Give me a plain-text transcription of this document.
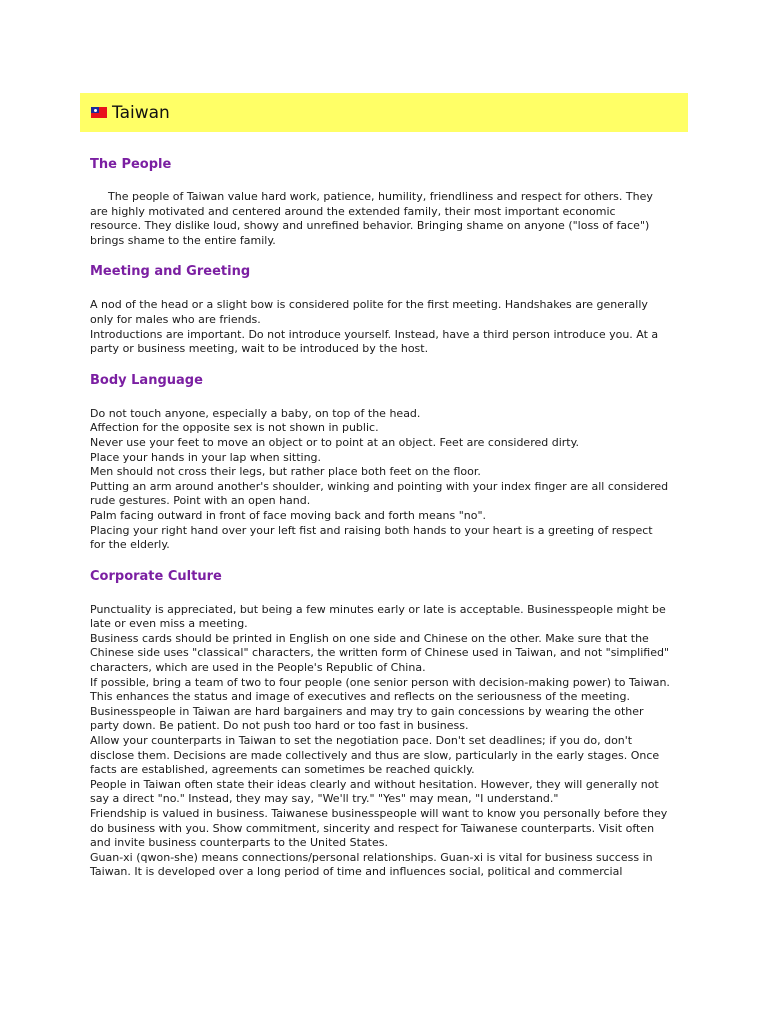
Taiwan
The People

The people of Taiwan value hard work, patience, humility, friendliness and respect for others. They are highly motivated and centered around the extended family, their most important economic resource. They dislike loud, showy and unrefined behavior. Bringing shame on anyone ("loss of face") brings shame to the entire family.

Meeting and Greeting

A nod of the head or a slight bow is considered polite for the first meeting. Handshakes are generally only for males who are friends.

Introductions are important. Do not introduce yourself. Instead, have a third person introduce you. At a party or business meeting, wait to be introduced by the host.

Body Language

Do not touch anyone, especially a baby, on top of the head.

Affection for the opposite sex is not shown in public.

Never use your feet to move an object or to point at an object. Feet are considered dirty.

Place your hands in your lap when sitting.

Men should not cross their legs, but rather place both feet on the floor.

Putting an arm around another's shoulder, winking and pointing with your index finger are all considered rude gestures. Point with an open hand.

Palm facing outward in front of face moving back and forth means "no".

Placing your right hand over your left fist and raising both hands to your heart is a greeting of respect for the elderly.

Corporate Culture

Punctuality is appreciated, but being a few minutes early or late is acceptable. Businesspeople might be late or even miss a meeting.

Business cards should be printed in English on one side and Chinese on the other. Make sure that the Chinese side uses "classical" characters, the written form of Chinese used in Taiwan, and not "simplified" characters, which are used in the People's Republic of China.

If possible, bring a team of two to four people (one senior person with decision-making power) to Taiwan. This enhances the status and image of executives and reflects on the seriousness of the meeting.

Businesspeople in Taiwan are hard bargainers and may try to gain concessions by wearing the other party down. Be patient. Do not push too hard or too fast in business.

Allow your counterparts in Taiwan to set the negotiation pace. Don't set deadlines; if you do, don't disclose them. Decisions are made collectively and thus are slow, particularly in the early stages. Once facts are established, agreements can sometimes be reached quickly.

People in Taiwan often state their ideas clearly and without hesitation. However, they will generally not say a direct "no." Instead, they may say, "We'll try." "Yes" may mean, "I understand."

Friendship is valued in business. Taiwanese businesspeople will want to know you personally before they do business with you. Show commitment, sincerity and respect for Taiwanese counterparts. Visit often and invite business counterparts to the United States.

Guan-xi (qwon-she) means connections/personal relationships. Guan-xi is vital for business success in Taiwan. It is developed over a long period of time and influences social, political and commercial
